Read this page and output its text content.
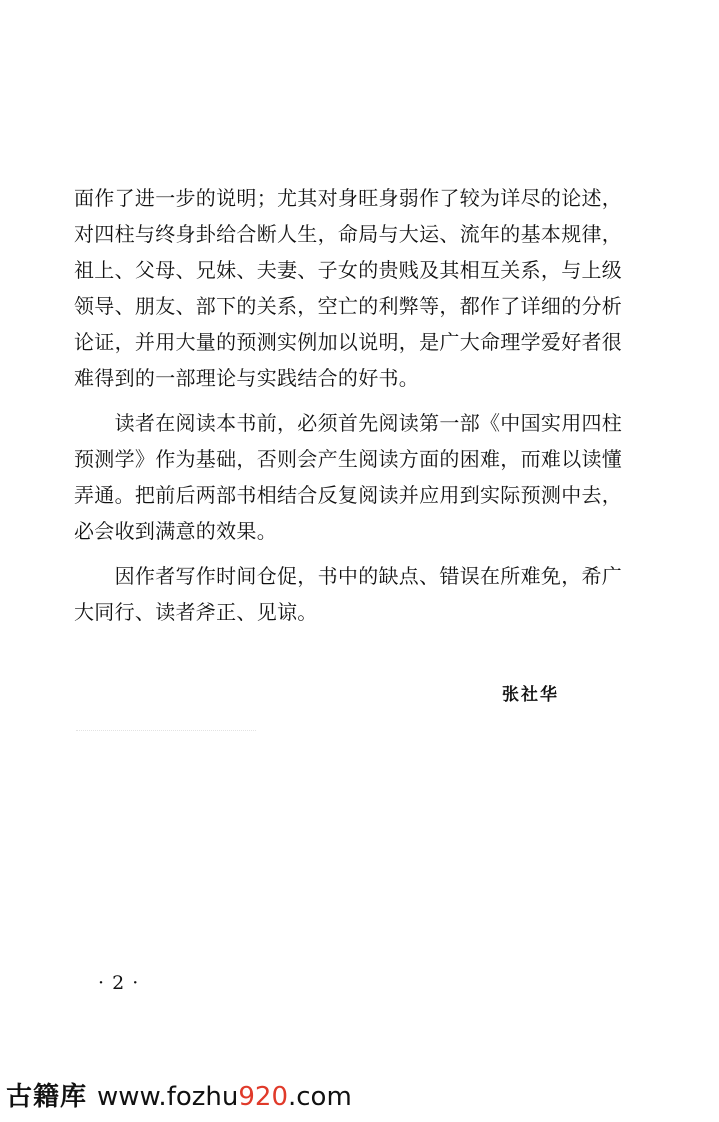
面作了进一步的说明；尤其对身旺身弱作了较为详尽的论述，
对四柱与终身卦给合断人生，命局与大运、流年的基本规律，
祖上、父母、兄妹、夫妻、子女的贵贱及其相互关系，与上级
领导、朋友、部下的关系，空亡的利弊等，都作了详细的分析
论证，并用大量的预测实例加以说明，是广大命理学爱好者很
难得到的一部理论与实践结合的好书。
　　读者在阅读本书前，必须首先阅读第一部《中国实用四柱
预测学》作为基础，否则会产生阅读方面的困难，而难以读懂
弄通。把前后两部书相结合反复阅读并应用到实际预测中去，
必会收到满意的效果。
　　因作者写作时间仓促，书中的缺点、错误在所难免，希广
大同行、读者斧正、见谅。
张社华
· 2 ·
古籍库 www.fozhu920.com
